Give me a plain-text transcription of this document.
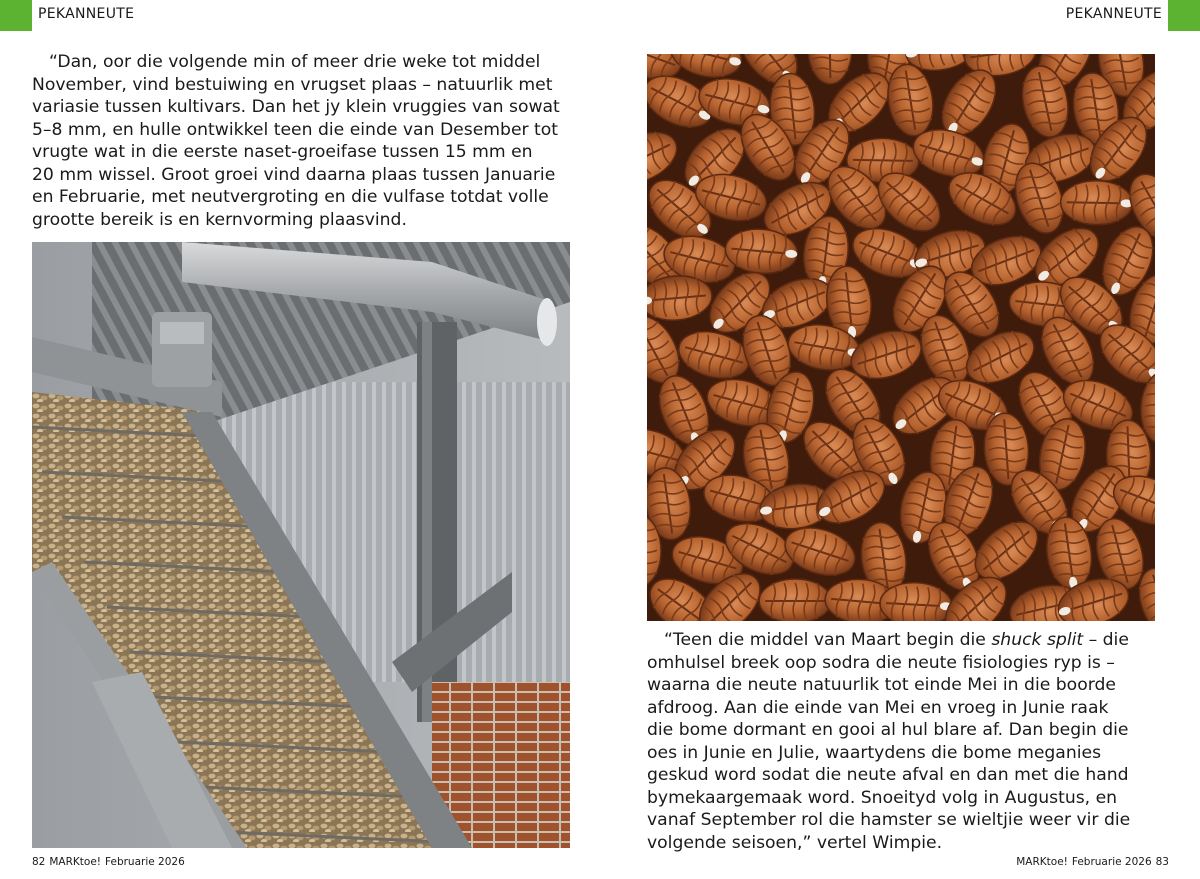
PEKANNEUTE

“Dan, oor die volgende min of meer drie weke tot middel
November, vind bestuiwing en vrugset plaas – natuurlik met
variasie tussen kultivars. Dan het jy klein vruggies van sowat
5–8 mm, en hulle ontwikkel teen die einde van Desember tot
vrugte wat in die eerste naset-groeifase tussen 15 mm en
20 mm wissel. Groot groei vind daarna plaas tussen Januarie
en Februarie, met neutvergroting en die vulfase totdat volle
grootte bereik is en kernvorming plaasvind.

82 MARKtoe! Februarie 2026
PEKANNEUTE

“Teen die middel van Maart begin die shuck split – die
omhulsel breek oop sodra die neute fisiologies ryp is –
waarna die neute natuurlik tot einde Mei in die boorde
afdroog. Aan die einde van Mei en vroeg in Junie raak
die bome dormant en gooi al hul blare af. Dan begin die
oes in Junie en Julie, waartydens die bome meganies
geskud word sodat die neute afval en dan met die hand
bymekaargemaak word. Snoeityd volg in Augustus, en
vanaf September rol die hamster se wieltjie weer vir die
volgende seisoen,” vertel Wimpie.

MARKtoe! Februarie 2026 83
